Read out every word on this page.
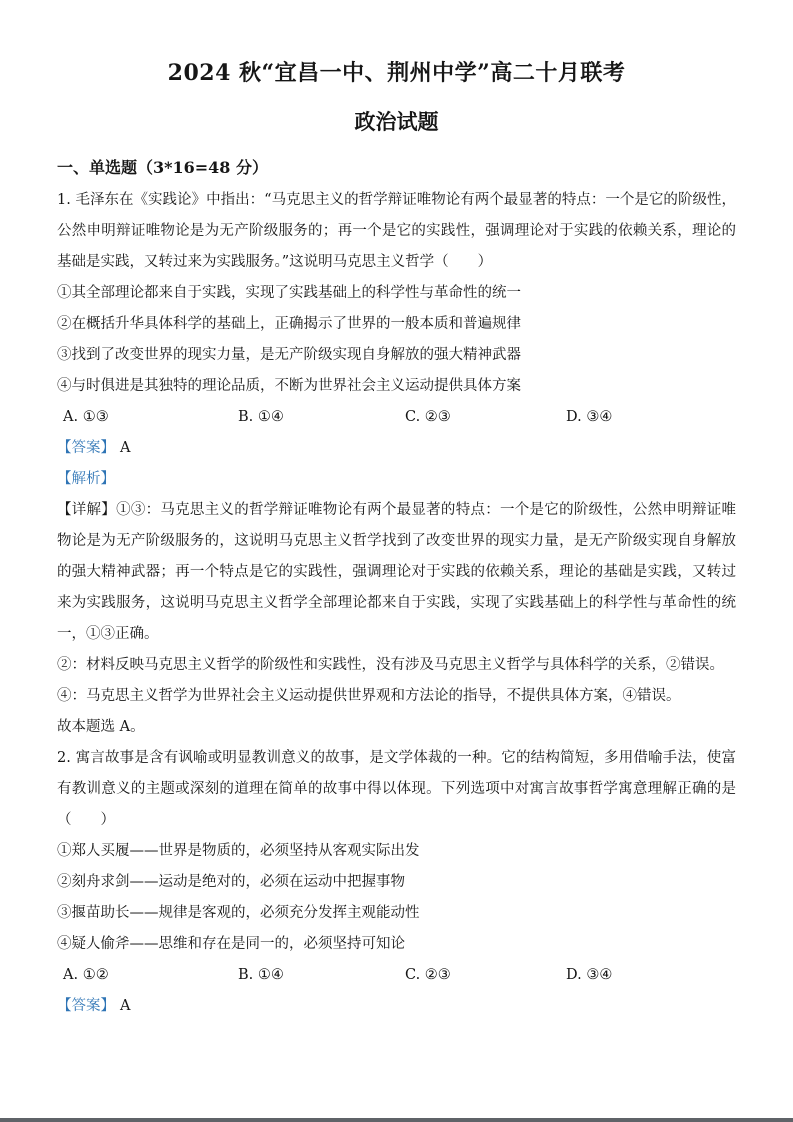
2024 秋“宜昌一中、荆州中学”高二十月联考
政治试题
一、单选题（3*16=48 分）
1. 毛泽东在《实践论》中指出：“马克思主义的哲学辩证唯物论有两个最显著的特点：一个是它的阶级性，
公然申明辩证唯物论是为无产阶级服务的；再一个是它的实践性，强调理论对于实践的依赖关系，理论的
基础是实践，又转过来为实践服务。”这说明马克思主义哲学（　　）
①其全部理论都来自于实践，实现了实践基础上的科学性与革命性的统一
②在概括升华具体科学的基础上，正确揭示了世界的一般本质和普遍规律
③找到了改变世界的现实力量，是无产阶级实现自身解放的强大精神武器
④与时俱进是其独特的理论品质，不断为世界社会主义运动提供具体方案
A. ①③	B. ①④	C. ②③	D. ③④
【答案】 A
【解析】
【详解】①③：马克思主义的哲学辩证唯物论有两个最显著的特点：一个是它的阶级性，公然申明辩证唯
物论是为无产阶级服务的，这说明马克思主义哲学找到了改变世界的现实力量，是无产阶级实现自身解放
的强大精神武器；再一个特点是它的实践性，强调理论对于实践的依赖关系，理论的基础是实践，又转过
来为实践服务，这说明马克思主义哲学全部理论都来自于实践，实现了实践基础上的科学性与革命性的统
一，①③正确。
②：材料反映马克思主义哲学的阶级性和实践性，没有涉及马克思主义哲学与具体科学的关系，②错误。
④：马克思主义哲学为世界社会主义运动提供世界观和方法论的指导，不提供具体方案，④错误。
故本题选 A。
2. 寓言故事是含有讽喻或明显教训意义的故事，是文学体裁的一种。它的结构简短，多用借喻手法，使富
有教训意义的主题或深刻的道理在简单的故事中得以体现。下列选项中对寓言故事哲学寓意理解正确的是
（　　）
①郑人买履——世界是物质的，必须坚持从客观实际出发
②刻舟求剑——运动是绝对的，必须在运动中把握事物
③揠苗助长——规律是客观的，必须充分发挥主观能动性
④疑人偷斧——思维和存在是同一的，必须坚持可知论
A. ①②	B. ①④	C. ②③	D. ③④
【答案】 A
